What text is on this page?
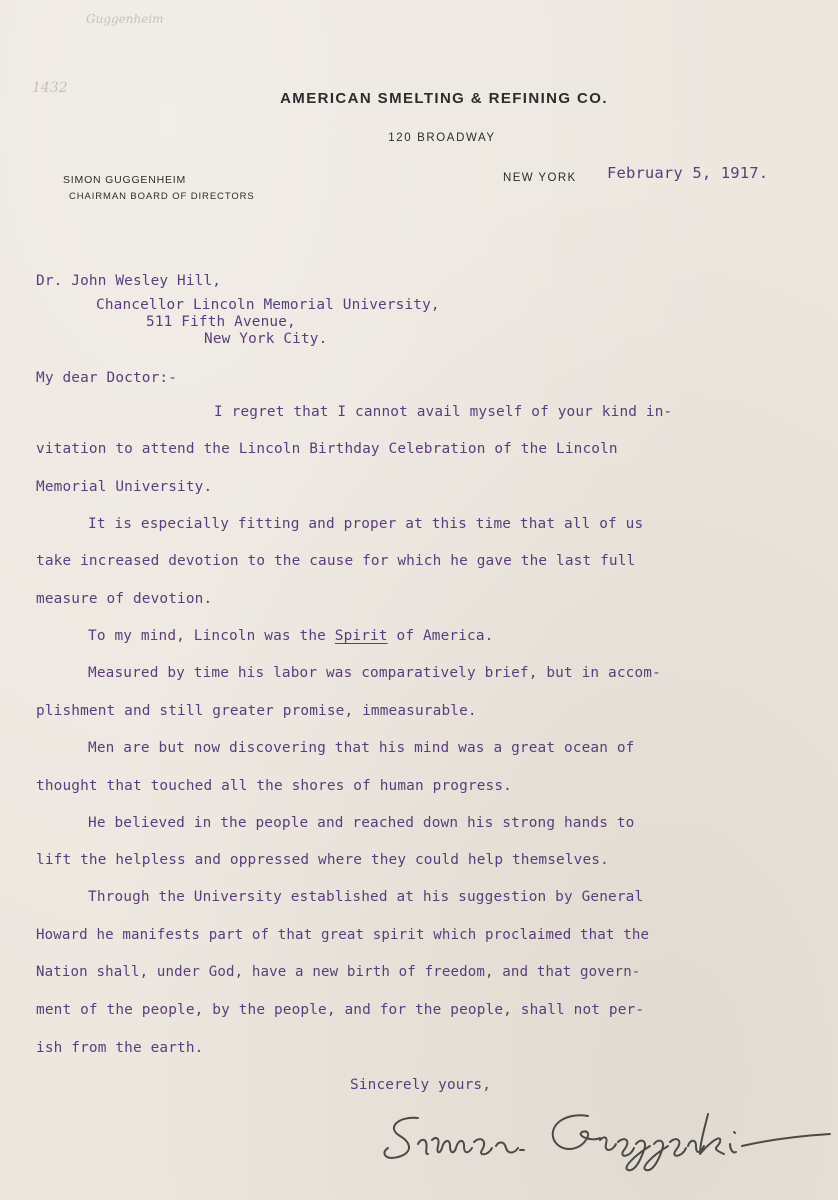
1432
Guggenheim
AMERICAN SMELTING & REFINING CO.
120 BROADWAY
SIMON GUGGENHEIM
CHAIRMAN BOARD OF DIRECTORS
NEW YORK February 5, 1917.
Dr. John Wesley Hill,
Chancellor Lincoln Memorial University,
511 Fifth Avenue,
New York City.
My dear Doctor:-
I regret that I cannot avail myself of your kind in-
vitation to attend the Lincoln Birthday Celebration of the Lincoln
Memorial University.
It is especially fitting and proper at this time that all of us
take increased devotion to the cause for which he gave the last full
measure of devotion.
To my mind, Lincoln was the Spirit of America.
Measured by time his labor was comparatively brief, but in accom-
plishment and still greater promise, immeasurable.
Men are but now discovering that his mind was a great ocean of
thought that touched all the shores of human progress.
He believed in the people and reached down his strong hands to
lift the helpless and oppressed where they could help themselves.
Through the University established at his suggestion by General
Howard he manifests part of that great spirit which proclaimed that the
Nation shall, under God, have a new birth of freedom, and that govern-
ment of the people, by the people, and for the people, shall not per-
ish from the earth.
Sincerely yours,
